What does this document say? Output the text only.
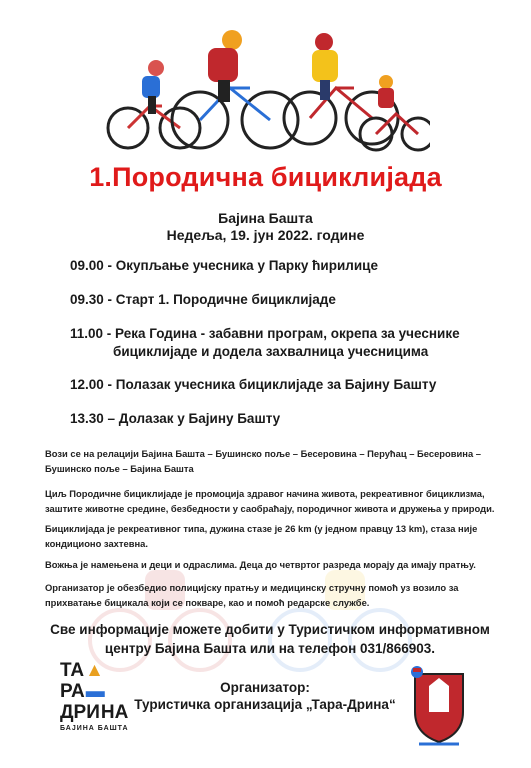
1.Породична бициклијада
Бајина Башта
Недеља, 19. јун 2022. године
09.00 - Окупљање учесника у Парку ћирилице
09.30 - Старт 1. Породичне бициклијаде
11.00 - Река Година - забавни програм, окрепа за учеснике
бициклијаде и додела захвалница учесницима
12.00 - Полазак учесника бициклијаде за Бајину Башту
13.30 – Долазак у Бајину Башту
Вози се на релацији Бајина Башта – Бушинско поље – Бесеровина – Перућац – Бесеровина – Бушинско поље – Бајина Башта
Циљ Породичне бициклијаде је промоција здравог начина живота, рекреативног бициклизма, заштите животне средине, безбедности у саобраћају, породичног живота и дружења у природи.
Бициклијада је рекреативног типа, дужина стазе је 26 km (у једном правцу 13 km), стаза није кондиционо захтевна.
Вожња је намењена и деци и одраслима. Деца до четвртог разреда морају да имају пратњу.
Организатор је обезбедио полицијску пратњу и медицинску стручну помоћ уз возило за прихватање бицикала који се покваре, као и помоћ редарске службе.
Све информације можете добити у Туристичком информативном центру Бајина Башта или на телефон 031/866903.
ТА ▲
РА ▬
ДРИ НА
БАЈИНА БАШТА
Организатор:
Туристичка организација „Тара-Дрина“
